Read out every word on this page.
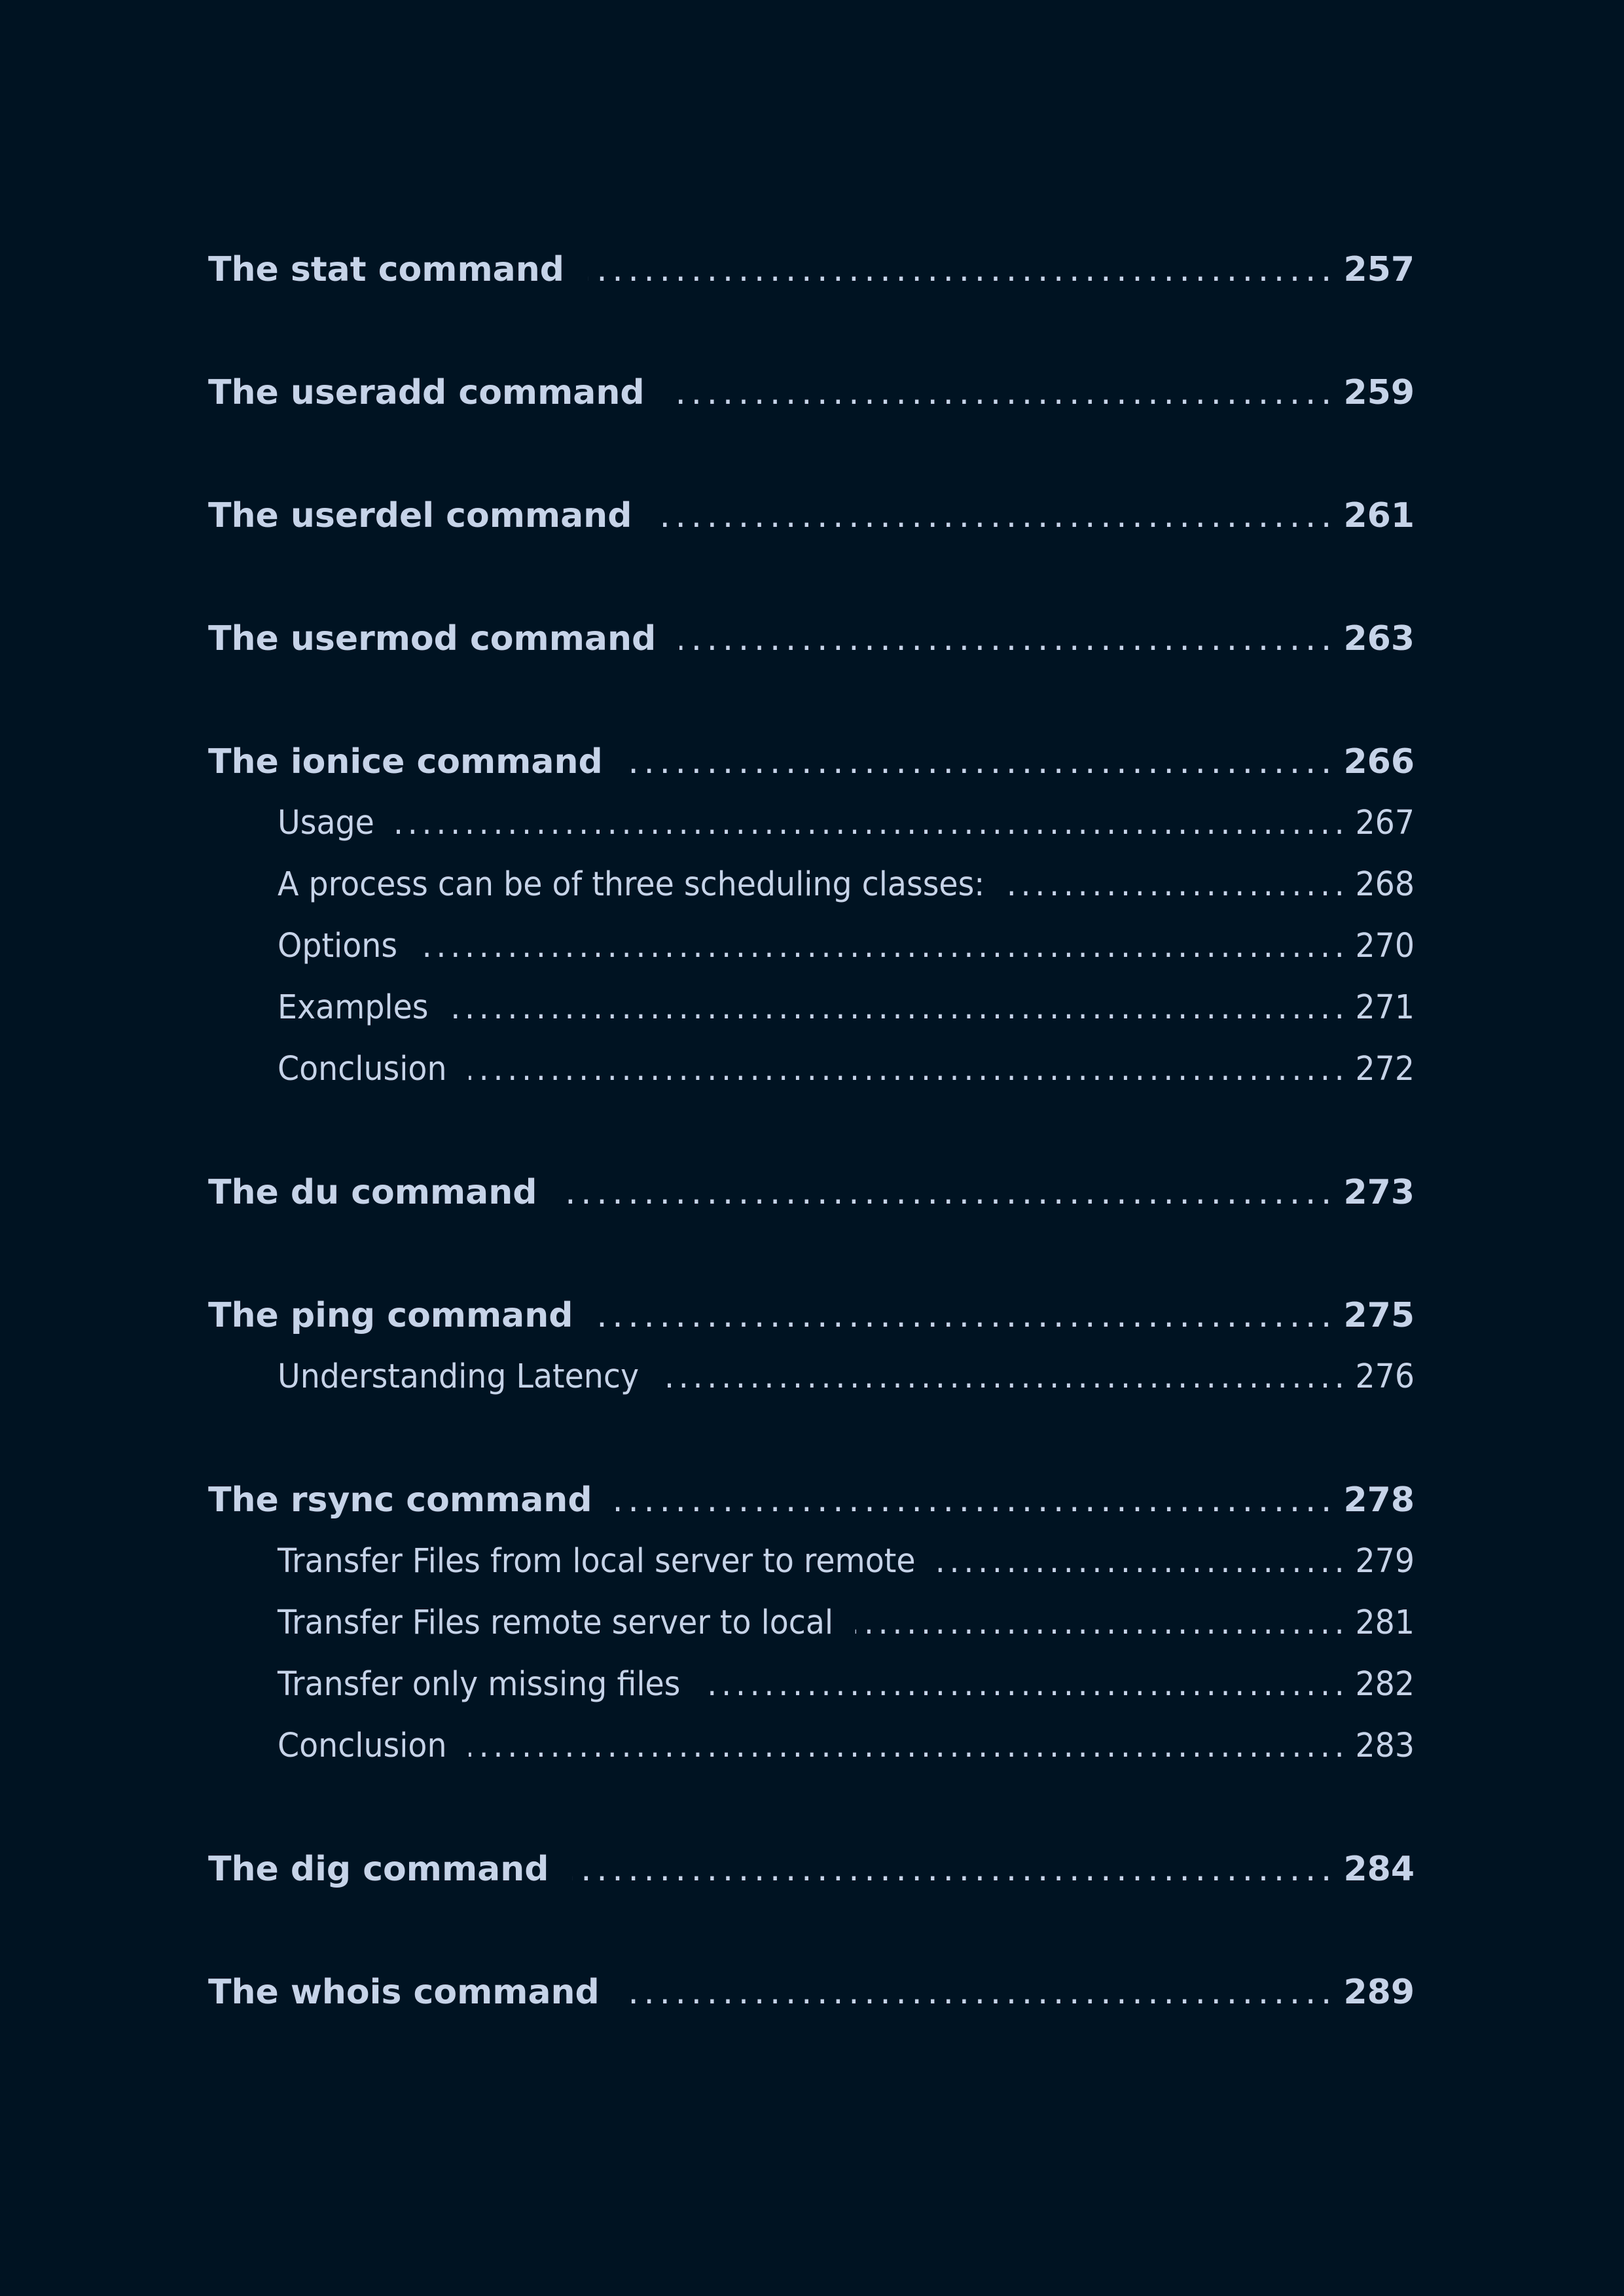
The stat command . . .	257
The useradd command . . .	259
The userdel command . . .	261
The usermod command . . .	263
The ionice command . . .	266
Usage . . .	267
A process can be of three scheduling classes: . . .	268
Options . . .	270
Examples . . .	271
Conclusion . . .	272
The du command . . .	273
The ping command . . .	275
Understanding Latency . . .	276
The rsync command . . .	278
Transfer Files from local server to remote . . .	279
Transfer Files remote server to local . . .	281
Transfer only missing files . . .	282
Conclusion . . .	283
The dig command . . .	284
The whois command . . .	289
